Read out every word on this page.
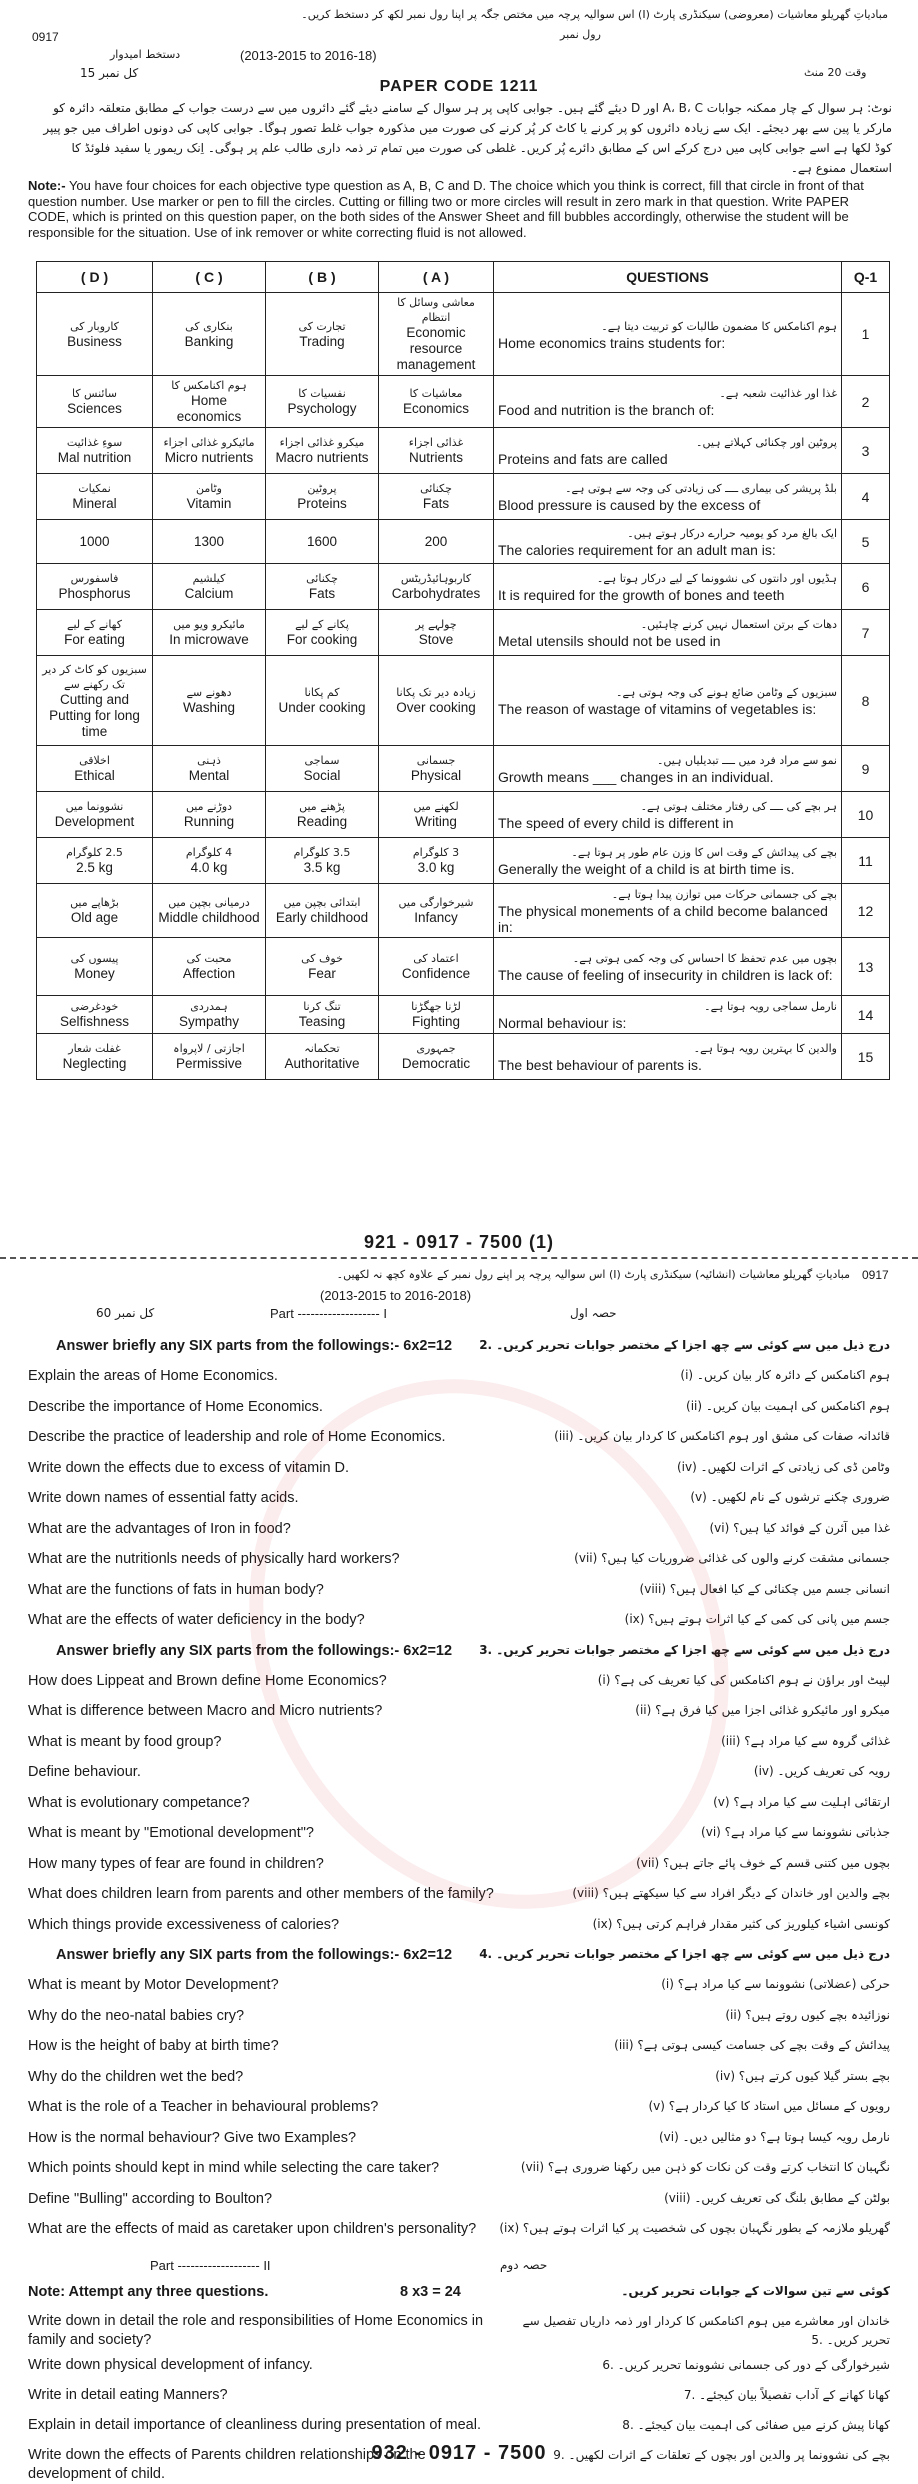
مبادیاتِ گھریلو معاشیات (معروضی) سیکنڈری پارٹ (I) اس سوالیہ پرچہ میں مختص جگہ پر اپنا رول نمبر لکھ کر دستخط کریں۔
0917	رول نمبر
(2013-2015 to 2016-18)
دستخط امیدوار
وقت 20 منٹ
کل نمبر 15
PAPER CODE 1211
نوٹ: ہر سوال کے چار ممکنہ جوابات A، B، C اور D دیئے گئے ہیں۔ جوابی کاپی پر ہر سوال کے سامنے دیئے گئے دائروں میں سے درست جواب کے مطابق متعلقہ دائرہ کو مارکر یا پین سے بھر دیجئے۔ ایک سے زیادہ دائروں کو پر کرنے یا کاٹ کر پُر کرنے کی صورت میں مذکورہ جواب غلط تصور ہوگا۔ جوابی کاپی کی دونوں اطراف میں جو پیپر کوڈ لکھا ہے اسے جوابی کاپی میں درج کرکے اس کے مطابق دائرے پُر کریں۔ غلطی کی صورت میں تمام تر ذمہ داری طالب علم پر ہوگی۔ اِنک ریمور یا سفید فلوئڈ کا استعمال ممنوع ہے۔
Note:- You have four choices for each objective type question as A, B, C and D. The choice which you think is correct, fill that circle in front of that question number. Use marker or pen to fill the circles. Cutting or filling two or more circles will result in zero mark in that question. Write PAPER CODE, which is printed on this question paper, on the both sides of the Answer Sheet and fill bubbles accordingly, otherwise the student will be responsible for the situation. Use of ink remover or white correcting fluid is not allowed.
( D )	( C )	( B )	( A )	QUESTIONS	Q-1

کاروبار کی
Business	بنکاری کی
Banking	تجارت کی
Trading	معاشی وسائل کا انتظام
Economic resource management	ہوم اکنامکس کا مضمون طالبات کو تربیت دیتا ہے۔
Home economics trains students for:	1

سائنس کا
Sciences	ہوم اکنامکس کا
Home economics	نفسیات کا
Psychology	معاشیات کا
Economics	غذا اور غذائیت شعبہ ہے۔
Food and nutrition is the branch of:	2

سوءِ غذائیت
Mal nutrition	مائیکرو غذائی اجزاء
Micro nutrients	میکرو غذائی اجزاء
Macro nutrients	غذائی اجزاء
Nutrients	پروٹین اور چکنائی کہلاتے ہیں۔
Proteins and fats are called	3

نمکیات
Mineral	وٹامن
Vitamin	پروٹین
Proteins	چکنائی
Fats	بلڈ پریشر کی بیماری ــــ کی زیادتی کی وجہ سے ہوتی ہے۔
Blood pressure is caused by the excess of	4

1000	1300	1600	200	ایک بالغ مرد کو یومیہ حرارے درکار ہوتے ہیں۔
The calories requirement for an adult man is:	5

فاسفورس
Phosphorus	کیلشیم
Calcium	چکنائی
Fats	کاربوہائیڈریٹس
Carbohydrates	ہڈیوں اور دانتوں کی نشوونما کے لیے درکار ہوتا ہے۔
It is required for the growth of bones and teeth	6

کھانے کے لیے
For eating	مائیکرو ویو میں
In microwave	پکانے کے لیے
For cooking	چولہے پر
Stove	دھات کے برتن استعمال نہیں کرنے چاہئیں۔
Metal utensils should not be used in	7

سبزیوں کو کاٹ کر دیر تک رکھنے سے
Cutting and Putting for long time	دھونے سے
Washing	کم پکانا
Under cooking	زیادہ دیر تک پکانا
Over cooking	سبزیوں کے وٹامن ضائع ہونے کی وجہ ہوتی ہے۔
The reason of wastage of vitamins of vegetables is:	8

اخلاقی
Ethical	ذہنی
Mental	سماجی
Social	جسمانی
Physical	نمو سے مراد فرد میں ــــ تبدیلیاں ہیں۔
Growth means ___ changes in an individual.	9

نشوونما میں
Development	دوڑنے میں
Running	پڑھنے میں
Reading	لکھنے میں
Writing	ہر بچے کی ــــ کی رفتار مختلف ہوتی ہے۔
The speed of every child is different in	10

2.5 کلوگرام
2.5 kg	4 کلوگرام
4.0 kg	3.5 کلوگرام
3.5 kg	3 کلوگرام
3.0 kg	بچے کی پیدائش کے وقت اس کا وزن عام طور پر ہوتا ہے۔
Generally the weight of a child is at birth time is.	11

بڑھاپے میں
Old age	درمیانی بچپن میں
Middle childhood	ابتدائی بچپن میں
Early childhood	شیرخوارگی میں
Infancy	بچے کی جسمانی حرکات میں توازن پیدا ہوتا ہے۔
The physical monements of a child become balanced in:	12

پیسوں کی
Money	محبت کی
Affection	خوف کی
Fear	اعتماد کی
Confidence	بچوں میں عدم تحفظ کا احساس کی وجہ کمی ہوتی ہے۔
The cause of feeling of insecurity in children is lack of:	13

خودغرضی
Selfishness	ہمدردی
Sympathy	تنگ کرنا
Teasing	لڑنا جھگڑنا
Fighting	نارمل سماجی رویہ ہوتا ہے۔
Normal behaviour is:	14

غفلت شعار
Neglecting	اجازتی / لاپرواہ
Permissive	تحکمانہ
Authoritative	جمہوری
Democratic	والدین کا بہترین رویہ ہوتا ہے۔
The best behaviour of parents is.	15
921 - 0917 - 7500 (1)
0917
مبادیاتِ گھریلو معاشیات (انشائیہ) سیکنڈری پارٹ (I) اس سوالیہ پرچہ پر اپنے رول نمبر کے علاوہ کچھ نہ لکھیں۔
(2013-2015 to 2016-2018)
کل نمبر 60	Part ------------------- I	حصہ اول
Answer briefly any SIX parts from the followings:- 6x2=12 درج ذیل میں سے کوئی سے چھ اجزا کے مختصر جوابات تحریر کریں۔ .2
Explain the areas of Home Economics.	ہوم اکنامکس کے دائرہ کار بیان کریں۔ (i)
Describe the importance of Home Economics.	ہوم اکنامکس کی اہمیت بیان کریں۔ (ii)
Describe the practice of leadership and role of Home Economics.	قائدانہ صفات کی مشق اور ہوم اکنامکس کا کردار بیان کریں۔ (iii)
Write down the effects due to excess of vitamin D.	وٹامن ڈی کی زیادتی کے اثرات لکھیں۔ (iv)
Write down names of essential fatty acids.	ضروری چکنے ترشوں کے نام لکھیں۔ (v)
What are the advantages of Iron in food?	غذا میں آئرن کے فوائد کیا ہیں؟ (vi)
What are the nutritionls needs of physically hard workers?	جسمانی مشقت کرنے والوں کی غذائی ضروریات کیا ہیں؟ (vii)
What are the functions of fats in human body?	انسانی جسم میں چکنائی کے کیا افعال ہیں؟ (viii)
What are the effects of water deficiency in the body?	جسم میں پانی کی کمی کے کیا اثرات ہوتے ہیں؟ (ix)
Answer briefly any SIX parts from the followings:- 6x2=12 درج ذیل میں سے کوئی سے چھ اجزا کے مختصر جوابات تحریر کریں۔ .3
How does Lippeat and Brown define Home Economics?	لپیٹ اور براؤن نے ہوم اکنامکس کی کیا تعریف کی ہے؟ (i)
What is difference between Macro and Micro nutrients?	میکرو اور مائیکرو غذائی اجزا میں کیا فرق ہے؟ (ii)
What is meant by food group?	غذائی گروہ سے کیا مراد ہے؟ (iii)
Define behaviour.	رویہ کی تعریف کریں۔ (iv)
What is evolutionary competance?	ارتقائی اہلیت سے کیا مراد ہے؟ (v)
What is meant by "Emotional development"?	جذباتی نشوونما سے کیا مراد ہے؟ (vi)
How many types of fear are found in children?	بچوں میں کتنی قسم کے خوف پائے جاتے ہیں؟ (vii)
What does children learn from parents and other members of the family?	بچے والدین اور خاندان کے دیگر افراد سے کیا سیکھتے ہیں؟ (viii)
Which things provide excessiveness of calories?	کونسی اشیاء کیلوریز کی کثیر مقدار فراہم کرتی ہیں؟ (ix)
Answer briefly any SIX parts from the followings:- 6x2=12 درج ذیل میں سے کوئی سے چھ اجزا کے مختصر جوابات تحریر کریں۔ .4
What is meant by Motor Development?	حرکی (عضلاتی) نشوونما سے کیا مراد ہے؟ (i)
Why do the neo-natal babies cry?	نوزائیدہ بچے کیوں روتے ہیں؟ (ii)
How is the height of baby at birth time?	پیدائش کے وقت بچے کی جسامت کیسی ہوتی ہے؟ (iii)
Why do the children wet the bed?	بچے بستر گیلا کیوں کرتے ہیں؟ (iv)
What is the role of a Teacher in behavioural problems?	رویوں کے مسائل میں استاد کا کیا کردار ہے؟ (v)
How is the normal behaviour? Give two Examples?	نارمل رویہ کیسا ہوتا ہے؟ دو مثالیں دیں۔ (vi)
Which points should kept in mind while selecting the care taker?	نگہبان کا انتخاب کرتے وقت کن نکات کو ذہن میں رکھنا ضروری ہے؟ (vii)
Define "Bulling" according to Boulton?	بولٹن کے مطابق بلنگ کی تعریف کریں۔ (viii)
What are the effects of maid as caretaker upon children's personality? گھریلو ملازمہ کے بطور نگہبان بچوں کی شخصیت پر کیا اثرات ہوتے ہیں؟ (ix)
Part ------------------- II	حصہ دوم
Note: Attempt any three questions.	8 x3 = 24	کوئی سے تین سوالات کے جوابات تحریر کریں۔
Write down in detail the role and responsibilities of Home Economics in family and society?
خاندان اور معاشرے میں ہوم اکنامکس کا کردار اور ذمہ داریاں تفصیل سے تحریر کریں۔ .5
Write down physical development of infancy.	شیرخوارگی کے دور کی جسمانی نشوونما تحریر کریں۔ .6
Write in detail eating Manners?	کھانا کھانے کے آداب تفصیلاً بیان کیجئے۔ .7
Explain in detail importance of cleanliness during presentation of meal.	کھانا پیش کرنے میں صفائی کی اہمیت بیان کیجئے۔ .8
Write down the effects of Parents children relationships on the development of child.
بچے کی نشوونما پر والدین اور بچوں کے تعلقات کے اثرات لکھیں۔ .9
932 - 0917 - 7500
